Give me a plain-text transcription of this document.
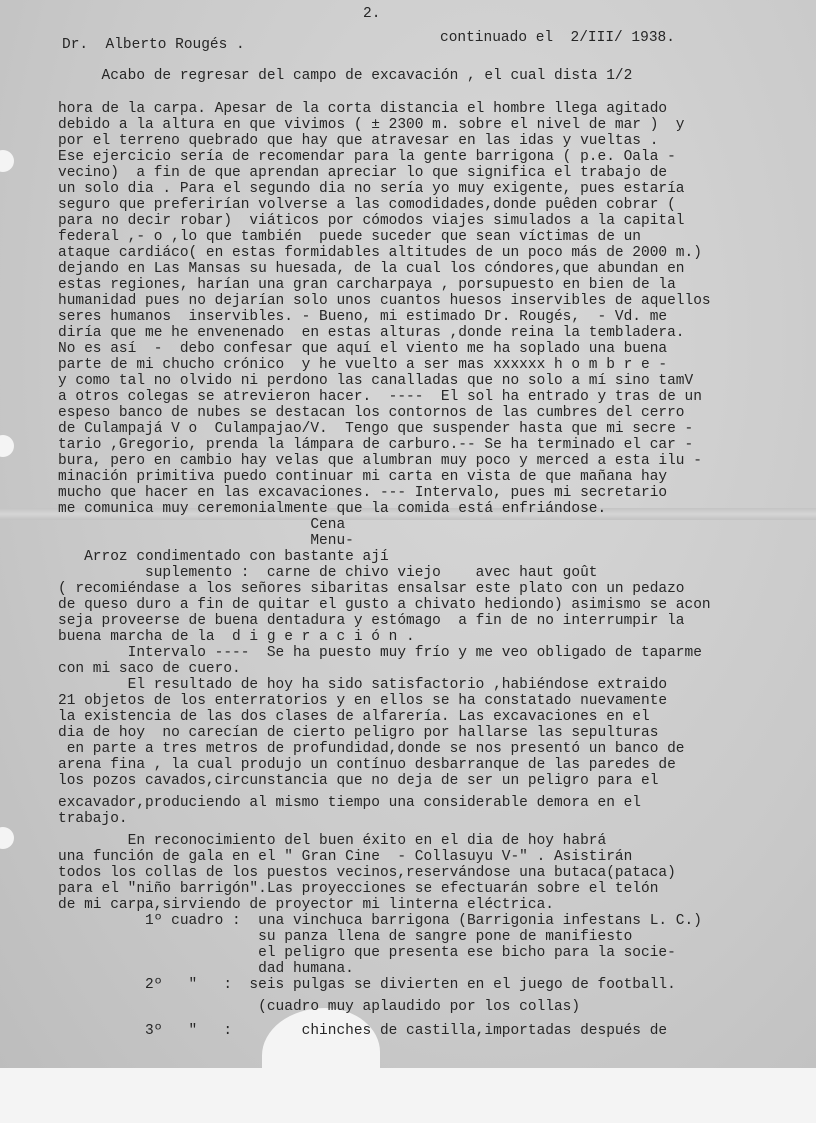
2.
Dr.  Alberto Rougés .	continuado el  2/III/ 1938.
Acabo de regresar del campo de excavación , el cual dista 1/2
hora de la carpa. Apesar de la corta distancia el hombre llega agitado
debido a la altura en que vivimos ( ± 2300 m. sobre el nivel de mar )  y
por el terreno quebrado que hay que atravesar en las idas y vueltas .
Ese ejercicio sería de recomendar para la gente barrigona ( p.e. Oala -
vecino)  a fin de que aprendan apreciar lo que significa el trabajo de
un solo dia . Para el segundo dia no sería yo muy exigente, pues estaría
seguro que preferirían volverse a las comodidades,donde puêden cobrar (
para no decir robar)  viáticos por cómodos viajes simulados a la capital
federal ,- o ,lo que también  puede suceder que sean víctimas de un
ataque cardiáco( en estas formidables altitudes de un poco más de 2000 m.)
dejando en Las Mansas su huesada, de la cual los cóndores,que abundan en
estas regiones, harían una gran carcharpaya , porsupuesto en bien de la
humanidad pues no dejarían solo unos cuantos huesos inservibles de aquellos
seres humanos  inservibles. - Bueno, mi estimado Dr. Rougés,  - Vd. me
diría que me he envenenado  en estas alturas ,donde reina la tembladera.
No es así  -  debo confesar que aquí el viento me ha soplado una buena
parte de mi chucho crónico  y he vuelto a ser mas xxxxxx h o m b r e -
y como tal no olvido ni perdono las canalladas que no solo a mí sino tamV
a otros colegas se atrevieron hacer.  ----  El sol ha entrado y tras de un
espeso banco de nubes se destacan los contornos de las cumbres del cerro
de Culampajá V o  Culampajao/V.  Tengo que suspender hasta que mi secre -
tario ,Gregorio, prenda la lámpara de carburo.-- Se ha terminado el car -
bura, pero en cambio hay velas que alumbran muy poco y merced a esta ilu -
minación primitiva puedo continuar mi carta en vista de que mañana hay
mucho que hacer en las excavaciones. --- Intervalo, pues mi secretario
me comunica muy ceremonialmente que la comida está enfriándose.
Cena
Menu-
Arroz condimentado con bastante ají
suplemento :  carne de chivo viejo    avec haut goût
( recomiéndase a los señores sibaritas ensalsar este plato con un pedazo
de queso duro a fin de quitar el gusto a chivato hediondo) asimismo se acon
seja proveerse de buena dentadura y estómago  a fin de no interrumpir la
buena marcha de la  d i g e r a c i ó n .
Intervalo ----  Se ha puesto muy frío y me veo obligado de taparme
con mi saco de cuero.
El resultado de hoy ha sido satisfactorio ,habiéndose extraido
21 objetos de los enterratorios y en ellos se ha constatado nuevamente
la existencia de las dos clases de alfarería. Las excavaciones en el
dia de hoy  no carecían de cierto peligro por hallarse las sepulturas
en parte a tres metros de profundidad,donde se nos presentó un banco de
arena fina , la cual produjo un contínuo desbarranque de las paredes de
los pozos cavados,circunstancia que no deja de ser un peligro para el
excavador,produciendo al mismo tiempo una considerable demora en el
trabajo.
En reconocimiento del buen éxito en el dia de hoy habrá
una función de gala en el " Gran Cine  - Collasuyu V-" . Asistirán
todos los collas de los puestos vecinos,reservándose una butaca(pataca)
para el "niño barrigón".Las proyecciones se efectuarán sobre el telón
de mi carpa,sirviendo de proyector mi linterna eléctrica.
1º cuadro :  una vinchuca barrigona (Barrigonia infestans L. C.)
su panza llena de sangre pone de manifiesto
el peligro que presenta ese bicho para la socie-
dad humana.
2º   "   :  seis pulgas se divierten en el juego de football.
(cuadro muy aplaudido por los collas)
3º   "   :        chinches de castilla,importadas después de
